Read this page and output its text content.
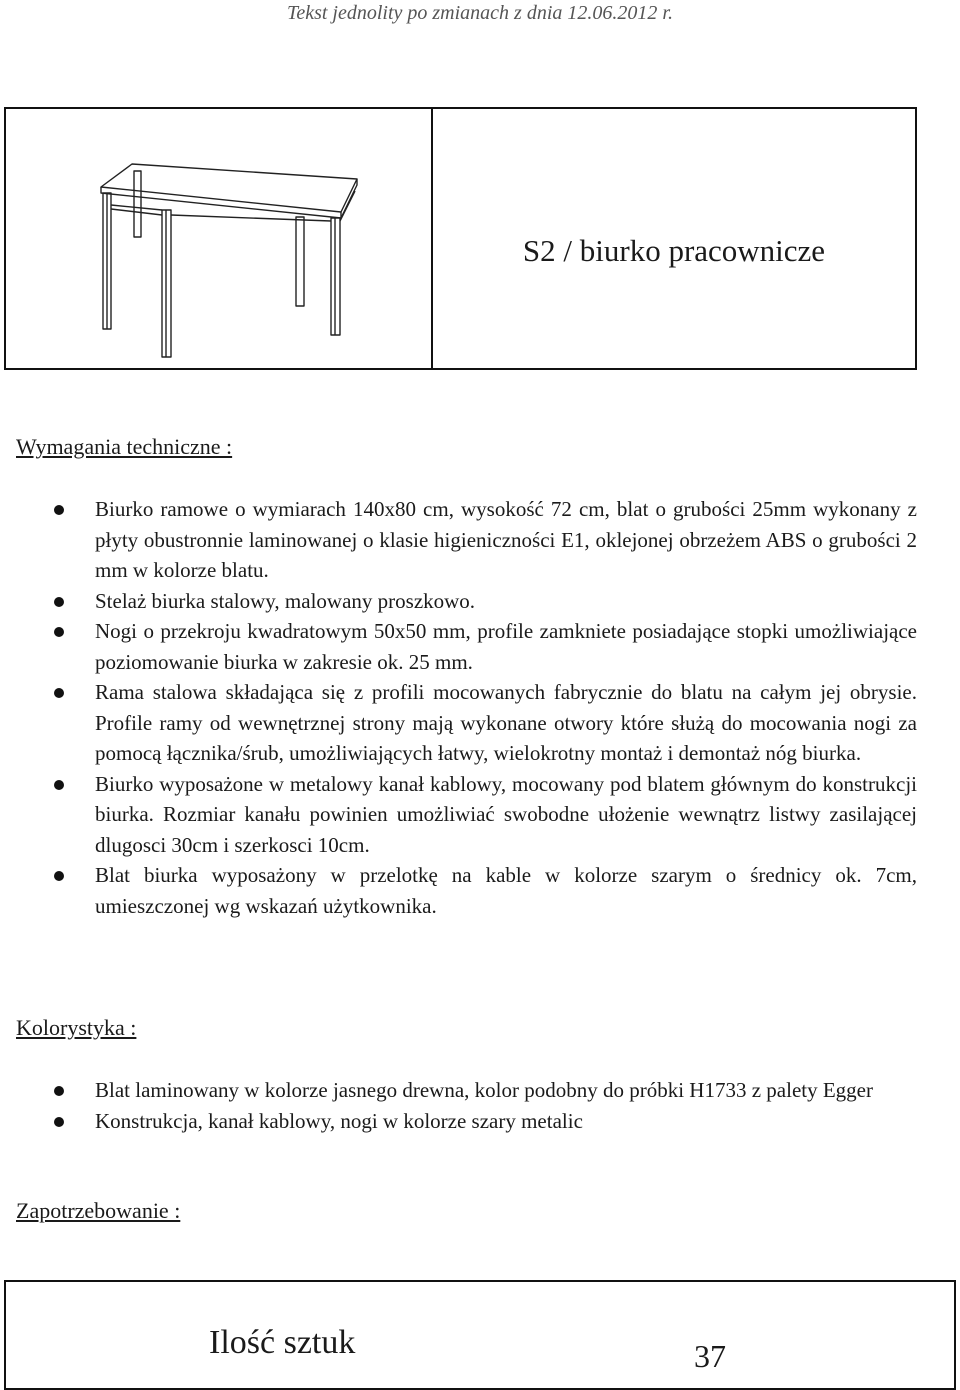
Tekst jednolity po zmianach z dnia 12.06.2012 r.
S2 / biurko pracownicze
Wymagania techniczne :
Biurko ramowe o wymiarach 140x80 cm, wysokość 72 cm, blat o grubości 25mm wykonany z płyty obustronnie laminowanej o klasie higieniczności E1, oklejonej obrzeżem ABS o grubości 2 mm w kolorze blatu.
Stelaż biurka stalowy, malowany proszkowo.
Nogi o przekroju kwadratowym 50x50 mm, profile zamkniete posiadające stopki umożliwiające poziomowanie biurka w zakresie ok. 25 mm.
Rama stalowa składająca się z profili mocowanych fabrycznie do blatu na całym jej obrysie. Profile ramy od wewnętrznej strony mają wykonane otwory które służą do mocowania nogi za pomocą łącznika/śrub, umożliwiających łatwy, wielokrotny montaż i demontaż nóg biurka.
Biurko wyposażone w metalowy kanał kablowy, mocowany pod blatem głównym do konstrukcji biurka. Rozmiar kanału powinien umożliwiać swobodne ułożenie wewnątrz listwy zasilającej dlugosci 30cm i szerkosci 10cm.
Blat biurka wyposażony w przelotkę na kable w kolorze szarym o średnicy ok. 7cm, umieszczonej wg wskazań użytkownika.
Kolorystyka :
Blat laminowany w kolorze jasnego drewna, kolor podobny do próbki H1733 z palety Egger
Konstrukcja, kanał kablowy, nogi w kolorze szary metalic
Zapotrzebowanie :
Ilość sztuk	37
